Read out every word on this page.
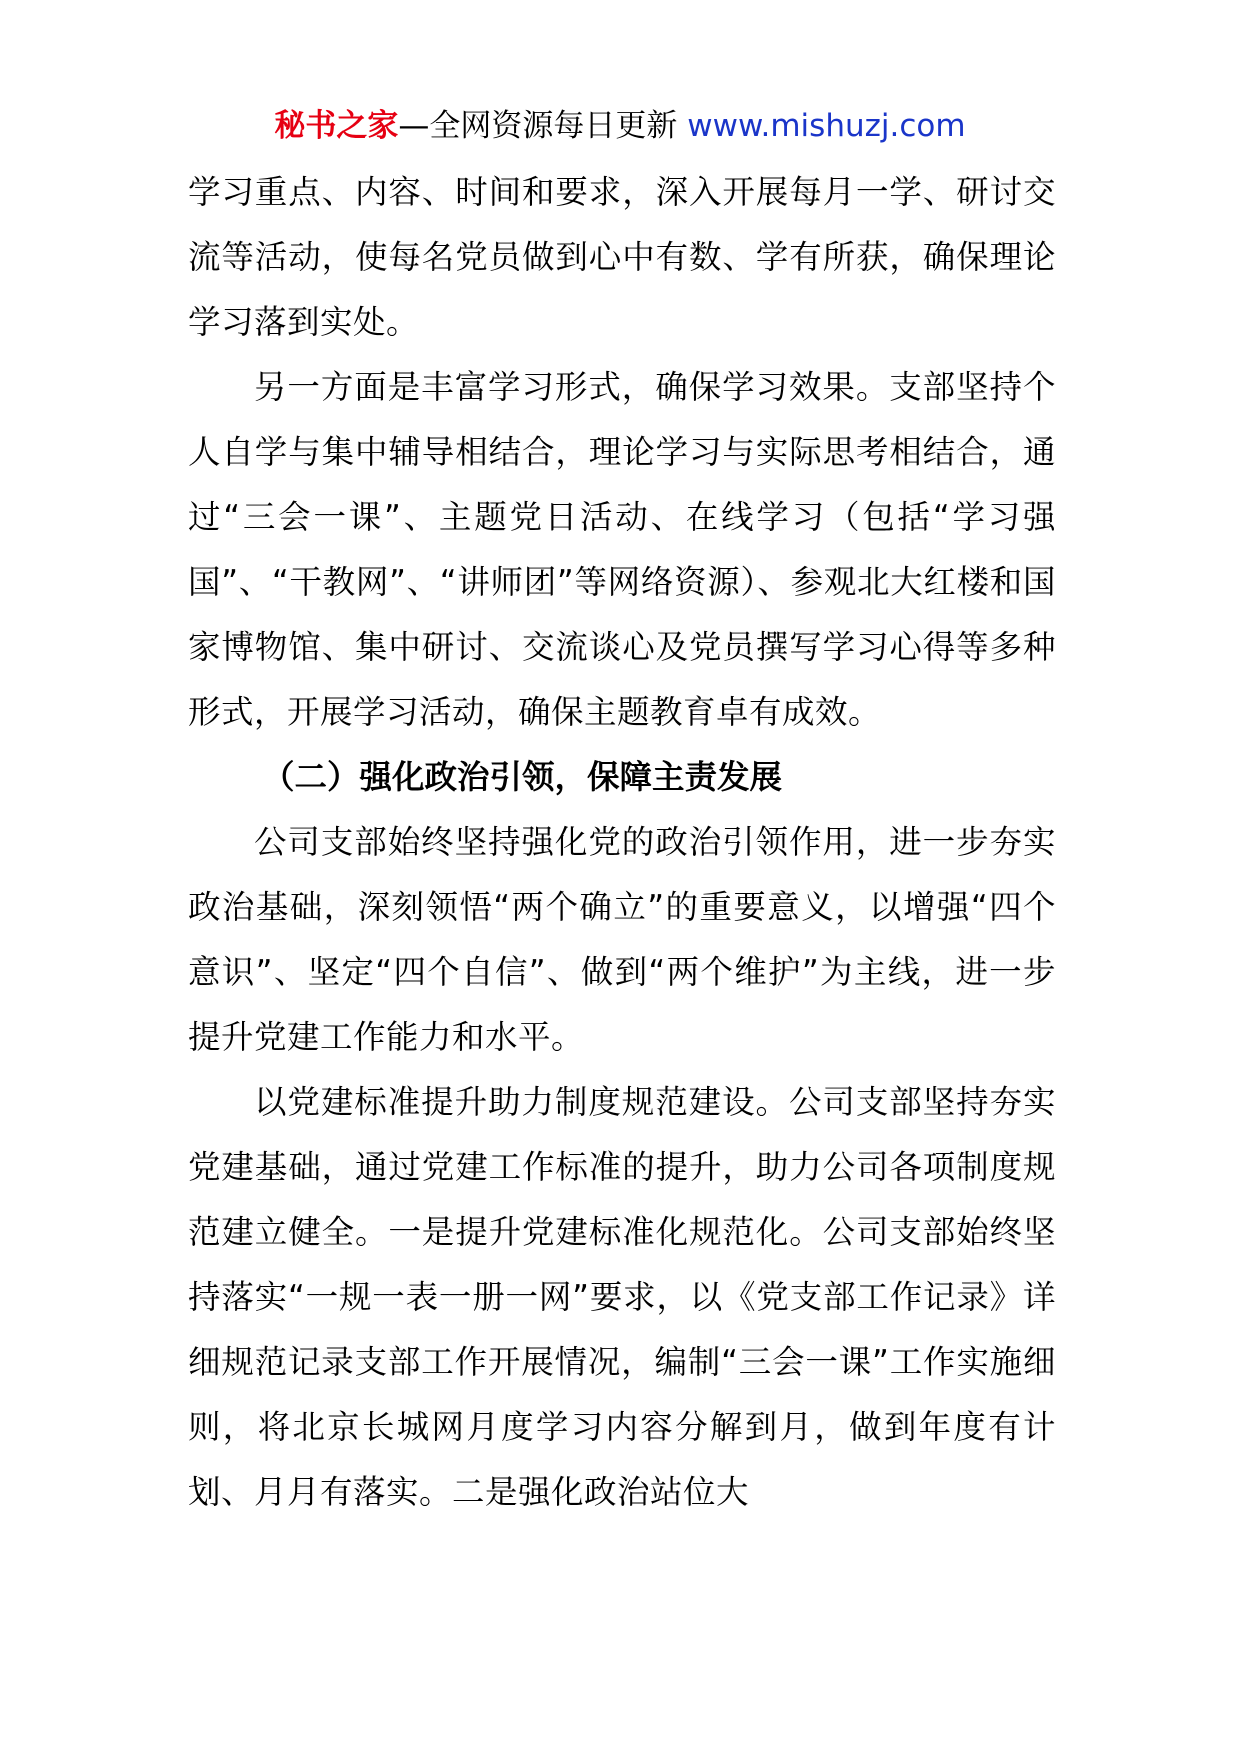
秘书之家—全网资源每日更新 www.mishuzj.com

学习重点、内容、时间和要求，深入开展每月一学、研讨交流等活动，使每名党员做到心中有数、学有所获，确保理论学习落到实处。

另一方面是丰富学习形式，确保学习效果。支部坚持个人自学与集中辅导相结合，理论学习与实际思考相结合，通过“三会一课”、主题党日活动、在线学习（包括“学习强国”、“干教网”、“讲师团”等网络资源）、参观北大红楼和国家博物馆、集中研讨、交流谈心及党员撰写学习心得等多种形式，开展学习活动，确保主题教育卓有成效。

（二）强化政治引领，保障主责发展

公司支部始终坚持强化党的政治引领作用，进一步夯实政治基础，深刻领悟“两个确立”的重要意义，以增强“四个意识”、坚定“四个自信”、做到“两个维护”为主线，进一步提升党建工作能力和水平。

以党建标准提升助力制度规范建设。公司支部坚持夯实党建基础，通过党建工作标准的提升，助力公司各项制度规范建立健全。一是提升党建标准化规范化。公司支部始终坚持落实“一规一表一册一网”要求，以《党支部工作记录》详细规范记录支部工作开展情况，编制“三会一课”工作实施细则，将北京长城网月度学习内容分解到月，做到年度有计划、月月有落实。二是强化政治站位大
